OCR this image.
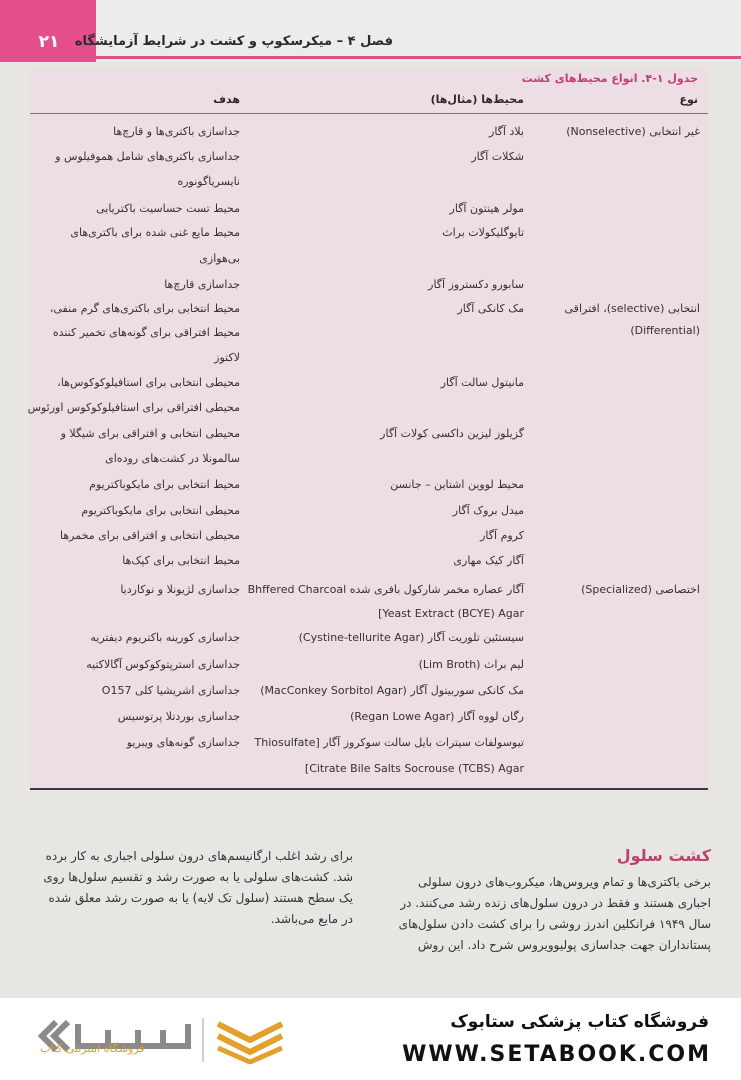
۲۱	فصل ۴ – میکرسکوپ و کشت در شرایط آزمایشگاه
جدول ۱-۴. انواع محیط‌های کشت
نوع
محیط‌ها (مثال‌ها)
هدف
غیر انتخابی (Nonselective)
انتخابی (selective)، افتراقی
(Differential)
اختصاصی (Specialized)
بلاد آگار
شکلات آگار
مولر هینتون آگار
تایوگلیکولات براث
سابورو دکستروز آگار
مک کانکی آگار
مانیتول سالت آگار
گزیلوز لیزین داکسی کولات آگار
محیط لووین اشتاین – جانسن
میدل بروک آگار
کروم آگار
آگار کیک مهاری
آگار عصاره مخمر شارکول بافری شده Bhffered Charcoal
Yeast Extract (BCYE) Agar]
سیستئین تلوریت آگار (Cystine-tellurite Agar)
لیم براث (Lim Broth)
مک کانکی سوربیتول آگار (MacConkey Sorbitol Agar)
رگان لووه آگار (Regan Lowe Agar)
تیوسولفات سیترات بایل سالت سوکروز آگار [Thiosulfate
Citrate Bile Salts Socrouse (TCBS) Agar]
جداسازی باکتری‌ها و قارچ‌ها
جداسازی باکتری‌های شامل هموفیلوس و
نایسرياگونوره
محیط تست حساسیت باکتریایی
محیط مایع غنی شده برای باکتری‌های
بی‌هوازی
جداسازی قارچ‌ها
محیط انتخابی برای باکتری‌های گرم منفی،
محیط افتراقی برای گونه‌های تخمیر کننده
لاکتوز
محیطی انتخابی برای استافیلوکوکوس‌ها،
محیطی افتراقی برای استافیلوکوکوس اورئوس
محیطی انتخابی و افتراقی برای شیگلا و
سالمونلا در کشت‌های روده‌ای
محیط انتخابی برای مایکوباکتریوم
محیطی انتخابی برای مایکوباکتریوم
محیطی انتخابی و افتراقی برای مخمرها
محیط انتخابی برای کپک‌ها
جداسازی لژیونلا و نوکاردیا
جداسازی کورینه باکتریوم دیفتریه
جداسازی استرپتوکوکوس آگالاکتیه
جداسازی اشریشیا کلی O157
جداسازی بوردتلا پرتوسیس
جداسازی گونه‌های ویبریو
کشت سلول
برخی باکتری‌ها و تمام ویروس‌ها، میکروب‌های درون سلولی
اجباری هستند و فقط در درون سلول‌های زنده رشد می‌کنند. در
سال ۱۹۴۹ فرانکلین اندرز روشی را برای کشت دادن سلول‌های
پستانداران جهت جداسازی پولیوویروس شرح داد. این روش
برای رشد اغلب ارگانیسم‌های درون سلولی اجباری به کار برده
شد. کشت‌های سلولی یا به صورت رشد و تقسیم سلول‌ها روی
یک سطح هستند (سلول تک لایه) یا به صورت رشد معلق شده
در مایع می‌باشد.
فروشگاه اینترنتی کتاب
فروشگاه کتاب پزشکی ستابوک
WWW.SETABOOK.COM
